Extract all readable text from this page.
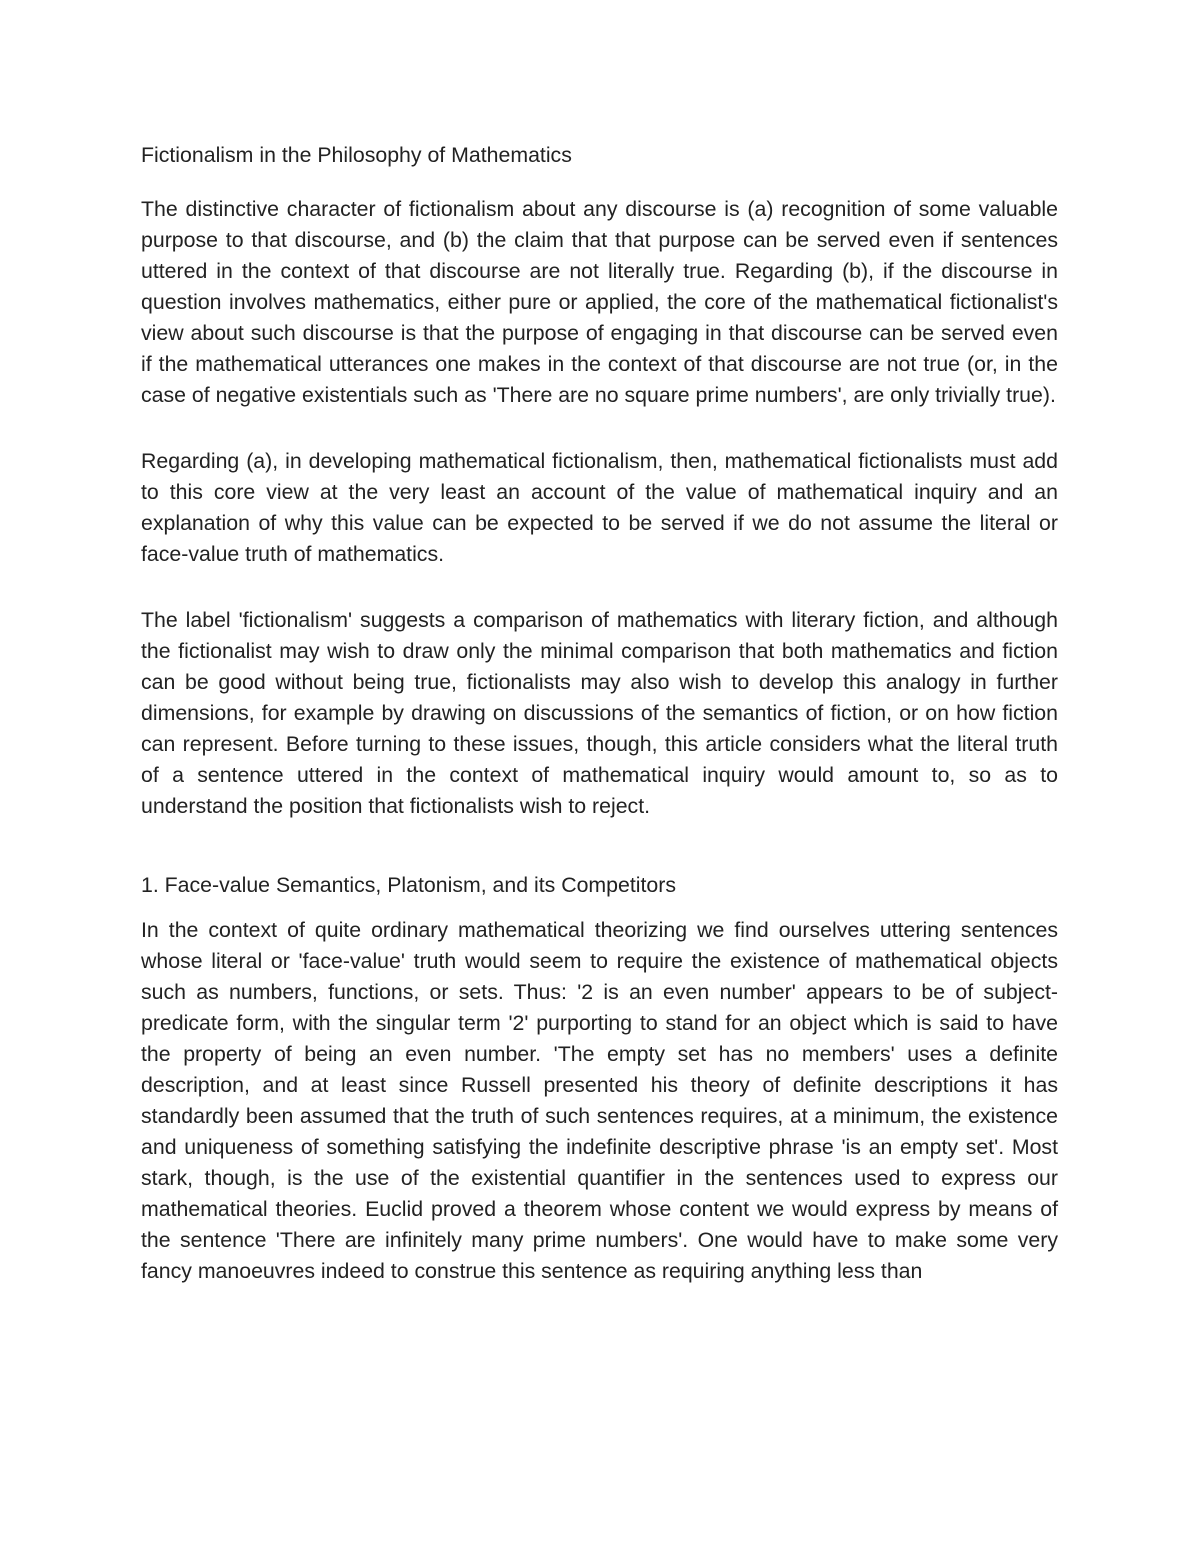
Fictionalism in the Philosophy of Mathematics

The distinctive character of fictionalism about any discourse is (a) recognition of some valuable purpose to that discourse, and (b) the claim that that purpose can be served even if sentences uttered in the context of that discourse are not literally true. Regarding (b), if the discourse in question involves mathematics, either pure or applied, the core of the mathematical fictionalist's view about such discourse is that the purpose of engaging in that discourse can be served even if the mathematical utterances one makes in the context of that discourse are not true (or, in the case of negative existentials such as 'There are no square prime numbers', are only trivially true).

Regarding (a), in developing mathematical fictionalism, then, mathematical fictionalists must add to this core view at the very least an account of the value of mathematical inquiry and an explanation of why this value can be expected to be served if we do not assume the literal or face-value truth of mathematics.

The label 'fictionalism' suggests a comparison of mathematics with literary fiction, and although the fictionalist may wish to draw only the minimal comparison that both mathematics and fiction can be good without being true, fictionalists may also wish to develop this analogy in further dimensions, for example by drawing on discussions of the semantics of fiction, or on how fiction can represent. Before turning to these issues, though, this article considers what the literal truth of a sentence uttered in the context of mathematical inquiry would amount to, so as to understand the position that fictionalists wish to reject.

1. Face-value Semantics, Platonism, and its Competitors

In the context of quite ordinary mathematical theorizing we find ourselves uttering sentences whose literal or 'face-value' truth would seem to require the existence of mathematical objects such as numbers, functions, or sets. Thus: '2 is an even number' appears to be of subject-predicate form, with the singular term '2' purporting to stand for an object which is said to have the property of being an even number. 'The empty set has no members' uses a definite description, and at least since Russell presented his theory of definite descriptions it has standardly been assumed that the truth of such sentences requires, at a minimum, the existence and uniqueness of something satisfying the indefinite descriptive phrase 'is an empty set'. Most stark, though, is the use of the existential quantifier in the sentences used to express our mathematical theories. Euclid proved a theorem whose content we would express by means of the sentence 'There are infinitely many prime numbers'. One would have to make some very fancy manoeuvres indeed to construe this sentence as requiring anything less than
